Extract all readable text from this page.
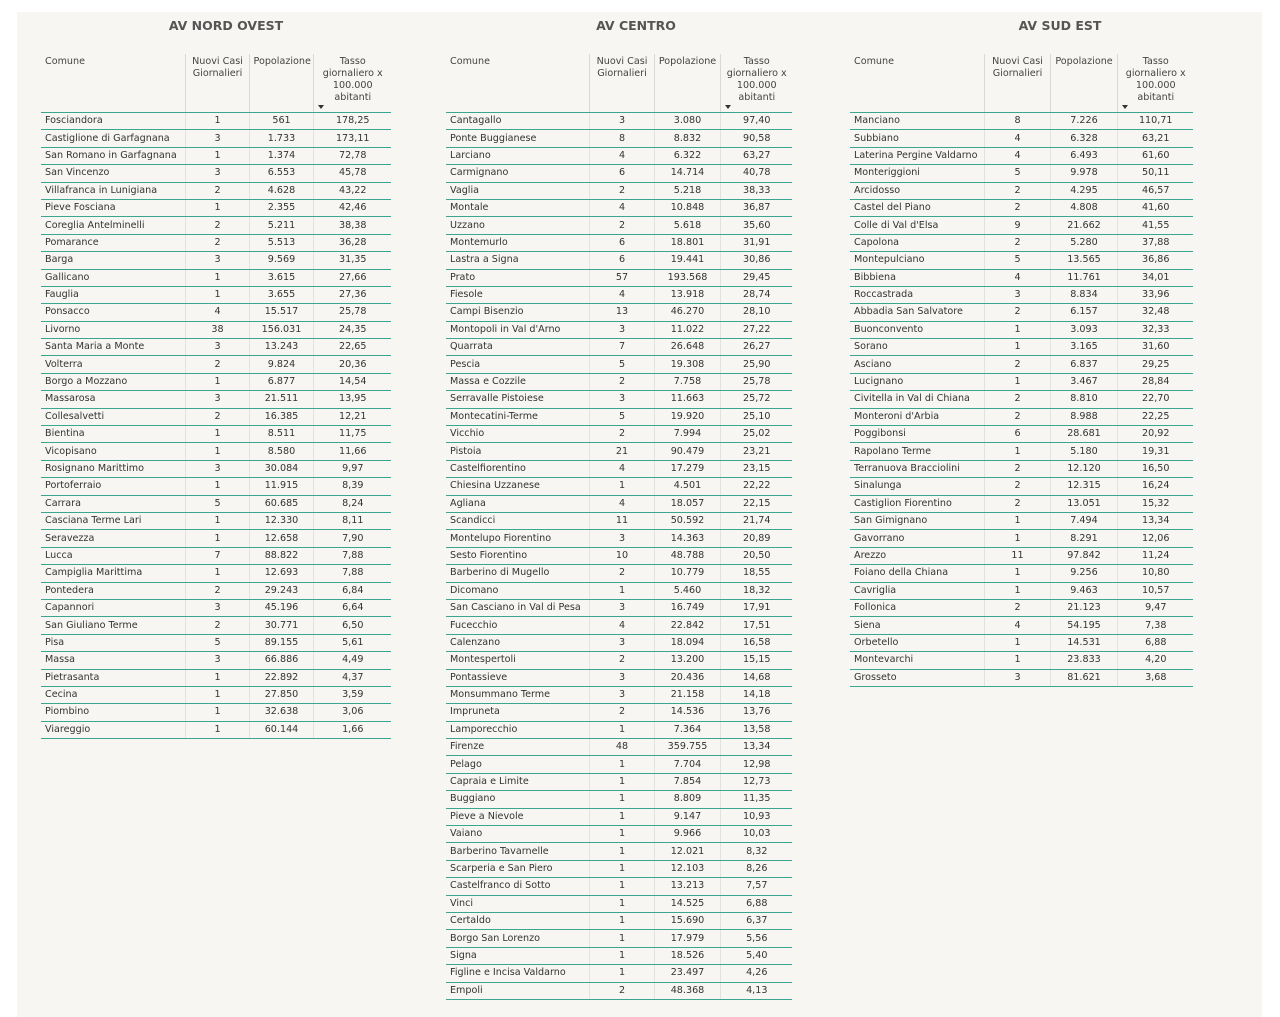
AV NORD OVEST
Comune	Nuovi Casi Giornalieri	Popolazione	Tasso giornaliero x 100.000 abitanti

Fosciandora	1	561	178,25
Castiglione di Garfagnana	3	1.733	173,11
San Romano in Garfagnana	1	1.374	72,78
San Vincenzo	3	6.553	45,78
Villafranca in Lunigiana	2	4.628	43,22
Pieve Fosciana	1	2.355	42,46
Coreglia Antelminelli	2	5.211	38,38
Pomarance	2	5.513	36,28
Barga	3	9.569	31,35
Gallicano	1	3.615	27,66
Fauglia	1	3.655	27,36
Ponsacco	4	15.517	25,78
Livorno	38	156.031	24,35
Santa Maria a Monte	3	13.243	22,65
Volterra	2	9.824	20,36
Borgo a Mozzano	1	6.877	14,54
Massarosa	3	21.511	13,95
Collesalvetti	2	16.385	12,21
Bientina	1	8.511	11,75
Vicopisano	1	8.580	11,66
Rosignano Marittimo	3	30.084	9,97
Portoferraio	1	11.915	8,39
Carrara	5	60.685	8,24
Casciana Terme Lari	1	12.330	8,11
Seravezza	1	12.658	7,90
Lucca	7	88.822	7,88
Campiglia Marittima	1	12.693	7,88
Pontedera	2	29.243	6,84
Capannori	3	45.196	6,64
San Giuliano Terme	2	30.771	6,50
Pisa	5	89.155	5,61
Massa	3	66.886	4,49
Pietrasanta	1	22.892	4,37
Cecina	1	27.850	3,59
Piombino	1	32.638	3,06
Viareggio	1	60.144	1,66
AV CENTRO
Comune	Nuovi Casi Giornalieri	Popolazione	Tasso giornaliero x 100.000 abitanti

Cantagallo	3	3.080	97,40
Ponte Buggianese	8	8.832	90,58
Larciano	4	6.322	63,27
Carmignano	6	14.714	40,78
Vaglia	2	5.218	38,33
Montale	4	10.848	36,87
Uzzano	2	5.618	35,60
Montemurlo	6	18.801	31,91
Lastra a Signa	6	19.441	30,86
Prato	57	193.568	29,45
Fiesole	4	13.918	28,74
Campi Bisenzio	13	46.270	28,10
Montopoli in Val d'Arno	3	11.022	27,22
Quarrata	7	26.648	26,27
Pescia	5	19.308	25,90
Massa e Cozzile	2	7.758	25,78
Serravalle Pistoiese	3	11.663	25,72
Montecatini-Terme	5	19.920	25,10
Vicchio	2	7.994	25,02
Pistoia	21	90.479	23,21
Castelfiorentino	4	17.279	23,15
Chiesina Uzzanese	1	4.501	22,22
Agliana	4	18.057	22,15
Scandicci	11	50.592	21,74
Montelupo Fiorentino	3	14.363	20,89
Sesto Fiorentino	10	48.788	20,50
Barberino di Mugello	2	10.779	18,55
Dicomano	1	5.460	18,32
San Casciano in Val di Pesa	3	16.749	17,91
Fucecchio	4	22.842	17,51
Calenzano	3	18.094	16,58
Montespertoli	2	13.200	15,15
Pontassieve	3	20.436	14,68
Monsummano Terme	3	21.158	14,18
Impruneta	2	14.536	13,76
Lamporecchio	1	7.364	13,58
Firenze	48	359.755	13,34
Pelago	1	7.704	12,98
Capraia e Limite	1	7.854	12,73
Buggiano	1	8.809	11,35
Pieve a Nievole	1	9.147	10,93
Vaiano	1	9.966	10,03
Barberino Tavarnelle	1	12.021	8,32
Scarperia e San Piero	1	12.103	8,26
Castelfranco di Sotto	1	13.213	7,57
Vinci	1	14.525	6,88
Certaldo	1	15.690	6,37
Borgo San Lorenzo	1	17.979	5,56
Signa	1	18.526	5,40
Figline e Incisa Valdarno	1	23.497	4,26
Empoli	2	48.368	4,13
AV SUD EST
Comune	Nuovi Casi Giornalieri	Popolazione	Tasso giornaliero x 100.000 abitanti

Manciano	8	7.226	110,71
Subbiano	4	6.328	63,21
Laterina Pergine Valdarno	4	6.493	61,60
Monteriggioni	5	9.978	50,11
Arcidosso	2	4.295	46,57
Castel del Piano	2	4.808	41,60
Colle di Val d'Elsa	9	21.662	41,55
Capolona	2	5.280	37,88
Montepulciano	5	13.565	36,86
Bibbiena	4	11.761	34,01
Roccastrada	3	8.834	33,96
Abbadia San Salvatore	2	6.157	32,48
Buonconvento	1	3.093	32,33
Sorano	1	3.165	31,60
Asciano	2	6.837	29,25
Lucignano	1	3.467	28,84
Civitella in Val di Chiana	2	8.810	22,70
Monteroni d'Arbia	2	8.988	22,25
Poggibonsi	6	28.681	20,92
Rapolano Terme	1	5.180	19,31
Terranuova Bracciolini	2	12.120	16,50
Sinalunga	2	12.315	16,24
Castiglion Fiorentino	2	13.051	15,32
San Gimignano	1	7.494	13,34
Gavorrano	1	8.291	12,06
Arezzo	11	97.842	11,24
Foiano della Chiana	1	9.256	10,80
Cavriglia	1	9.463	10,57
Follonica	2	21.123	9,47
Siena	4	54.195	7,38
Orbetello	1	14.531	6,88
Montevarchi	1	23.833	4,20
Grosseto	3	81.621	3,68
